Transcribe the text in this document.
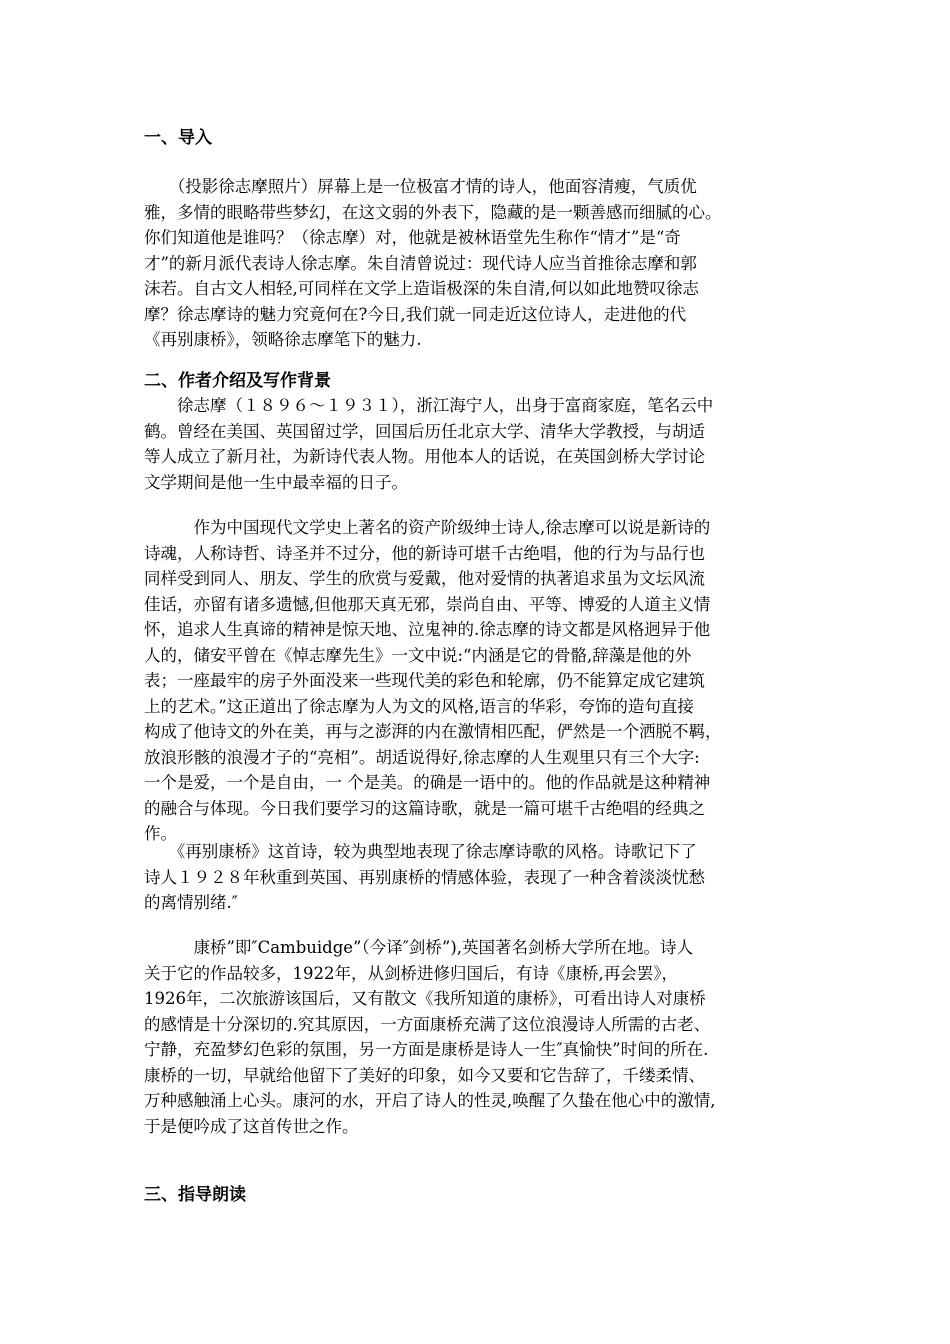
一、导入
　　（投影徐志摩照片）屏幕上是一位极富才情的诗人，他面容清瘦，气质优
雅，多情的眼略带些梦幻，在这文弱的外表下，隐藏的是一颗善感而细腻的心。
你们知道他是谁吗？（徐志摩）对，他就是被林语堂先生称作“情才”是“奇
才”的新月派代表诗人徐志摩。朱自清曾说过：现代诗人应当首推徐志摩和郭
沫若。自古文人相轻,可同样在文学上造诣极深的朱自清,何以如此地赞叹徐志
摩？徐志摩诗的魅力究竟何在?今日,我们就一同走近这位诗人，走进他的代
《再别康桥》，领略徐志摩笔下的魅力.
二、作者介绍及写作背景
　　徐志摩（１８９６～１９３１），浙江海宁人，出身于富商家庭，笔名云中
鹤。曾经在美国、英国留过学，回国后历任北京大学、清华大学教授，与胡适
等人成立了新月社，为新诗代表人物。用他本人的话说，在英国剑桥大学讨论
文学期间是他一生中最幸福的日子。
　　　作为中国现代文学史上著名的资产阶级绅士诗人,徐志摩可以说是新诗的
诗魂，人称诗哲、诗圣并不过分，他的新诗可堪千古绝唱，他的行为与品行也
同样受到同人、朋友、学生的欣赏与爱戴，他对爱情的执著追求虽为文坛风流
佳话，亦留有诸多遗憾,但他那天真无邪，崇尚自由、平等、博爱的人道主义情
怀，追求人生真谛的精神是惊天地、泣鬼神的.徐志摩的诗文都是风格迥异于他
人的，储安平曾在《悼志摩先生》一文中说:“内涵是它的骨骼,辞藻是他的外
表；一座最牢的房子外面没来一些现代美的彩色和轮廓，仍不能算定成它建筑
上的艺术。”这正道出了徐志摩为人为文的风格,语言的华彩，夸饰的造句直接
构成了他诗文的外在美，再与之澎湃的内在激情相匹配，俨然是一个洒脱不羁，
放浪形骸的浪漫才子的“亮相”。胡适说得好,徐志摩的人生观里只有三个大字:
一个是爱，一个是自由，一 个是美。的确是一语中的。他的作品就是这种精神
的融合与体现。今日我们要学习的这篇诗歌，就是一篇可堪千古绝唱的经典之
作。
　　《再别康桥》这首诗，较为典型地表现了徐志摩诗歌的风格。诗歌记下了
诗人１９２８年秋重到英国、再别康桥的情感体验，表现了一种含着淡淡忧愁
的离情别绪.″
　　　康桥”即″Cambuidge”（今译″剑桥”),英国著名剑桥大学所在地。诗人
关于它的作品较多，1922年，从剑桥进修归国后，有诗《康桥,再会罢》，
1926年，二次旅游该国后，又有散文《我所知道的康桥》，可看出诗人对康桥
的感情是十分深切的.究其原因，一方面康桥充满了这位浪漫诗人所需的古老、
宁静，充盈梦幻色彩的氛围，另一方面是康桥是诗人一生″真愉快”时间的所在.
康桥的一切，早就给他留下了美好的印象，如今又要和它告辞了，千缕柔情、
万种感触涌上心头。康河的水，开启了诗人的性灵,唤醒了久蛰在他心中的激情,
于是便吟成了这首传世之作。
三、指导朗读
